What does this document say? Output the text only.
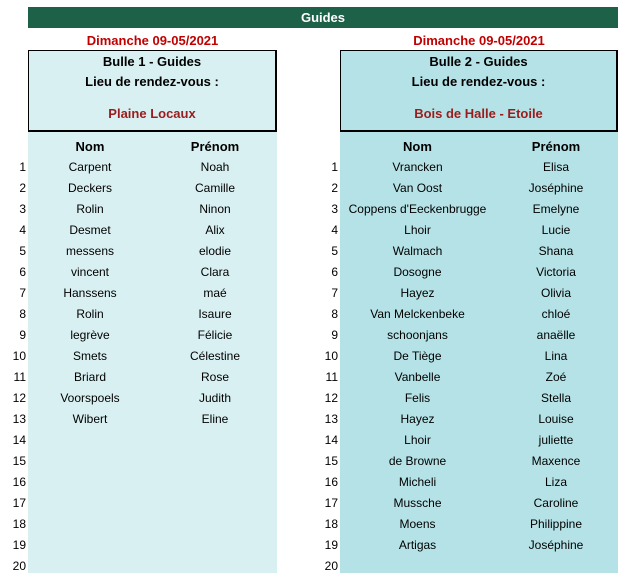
Guides
Dimanche 09-05/2021
Bulle 1 - Guides
Lieu de rendez-vous :
Plaine Locaux
Nom	Prénom
1	Carpent	Noah
2	Deckers	Camille
3	Rolin	Ninon
4	Desmet	Alix
5	messens	elodie
6	vincent	Clara
7	Hanssens	maé
8	Rolin	Isaure
9	legrève	Félicie
10	Smets	Célestine
11	Briard	Rose
12	Voorspoels	Judith
13	Wibert	Eline
14
15
16
17
18
19
20
Dimanche 09-05/2021
Bulle 2 - Guides
Lieu de rendez-vous :
Bois de Halle - Etoile
Nom	Prénom
1	Vrancken	Elisa
2	Van Oost	Joséphine
3 Coppens d'Eeckenbrugge	Emelyne
4	Lhoir	Lucie
5	Walmach	Shana
6	Dosogne	Victoria
7	Hayez	Olivia
8	Van Melckenbeke	chloé
9	schoonjans	anaëlle
10	De Tiège	Lina
11	Vanbelle	Zoé
12	Felis	Stella
13	Hayez	Louise
14	Lhoir	juliette
15	de Browne	Maxence
16	Micheli	Liza
17	Mussche	Caroline
18	Moens	Philippine
19	Artigas	Joséphine
20
